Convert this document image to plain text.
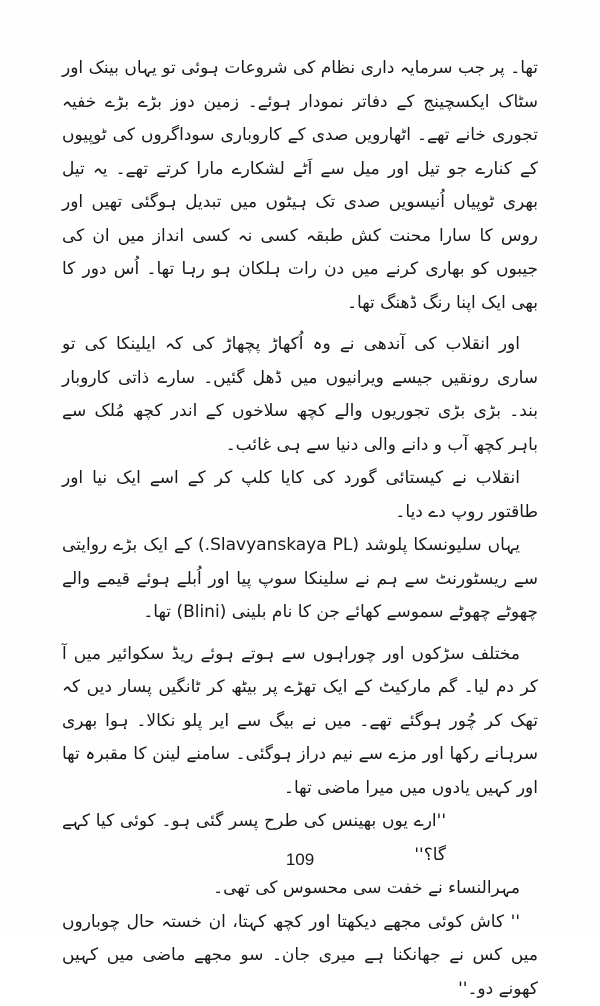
تھا۔ پر جب سرمایہ داری نظام کی شروعات ہوئی تو یہاں بینک اور سٹاک ایکسچینج کے دفاتر نمودار ہوئے۔ زمین دوز بڑے بڑے خفیہ تجوری خانے تھے۔ اٹھارویں صدی کے کاروباری سوداگروں کی ٹوپیوں کے کنارے جو تیل اور میل سے اَٹے لشکارے مارا کرتے تھے۔ یہ تیل بھری ٹوپیاں اُنیسویں صدی تک ہیٹوں میں تبدیل ہوگئی تھیں اور روس کا سارا محنت کش طبقہ کسی نہ کسی انداز میں ان کی جیبوں کو بھاری کرنے میں دن رات ہلکان ہو رہا تھا۔ اُس دور کا بھی ایک اپنا رنگ ڈھنگ تھا۔

اور انقلاب کی آندھی نے وہ اُکھاڑ پچھاڑ کی کہ ایلینکا کی تو ساری رونقیں جیسے ویرانیوں میں ڈھل گئیں۔ سارے ذاتی کاروبار بند۔ بڑی بڑی تجوریوں والے کچھ سلاخوں کے اندر کچھ مُلک سے باہر کچھ آب و دانے والی دنیا سے ہی غائب۔

انقلاب نے کیستائی گورد کی کایا کلپ کر کے اسے ایک نیا اور طاقتور روپ دے دیا۔

یہاں سلیونسکا پلوشد (Slavyanskaya PL.) کے ایک بڑے روایتی سے ریسٹورنٹ سے ہم نے سلینکا سوپ پیا اور اُبلے ہوئے قیمے والے چھوٹے چھوٹے سموسے کھائے جن کا نام بلینی (Blini) تھا۔

مختلف سڑکوں اور چوراہوں سے ہوتے ہوئے ریڈ سکوائیر میں آ کر دم لیا۔ گم مارکیٹ کے ایک تھڑے پر بیٹھ کر ٹانگیں پسار دیں کہ تھک کر چُور ہوگئے تھے۔ میں نے بیگ سے ایر پلو نکالا۔ ہوا بھری سرہانے رکھا اور مزے سے نیم دراز ہوگئی۔ سامنے لینن کا مقبرہ تھا اور کہیں یادوں میں میرا ماضی تھا۔

''ارے یوں بھینس کی طرح پسر گئی ہو۔ کوئی کیا کہے گا؟''

مہرالنساء نے خفت سی محسوس کی تھی۔

'' کاش کوئی مجھے دیکھتا اور کچھ کہتا، ان خستہ حال چوباروں میں کس نے جھانکنا ہے میری جان۔ سو مجھے ماضی میں کہیں کھونے دو۔''

109
